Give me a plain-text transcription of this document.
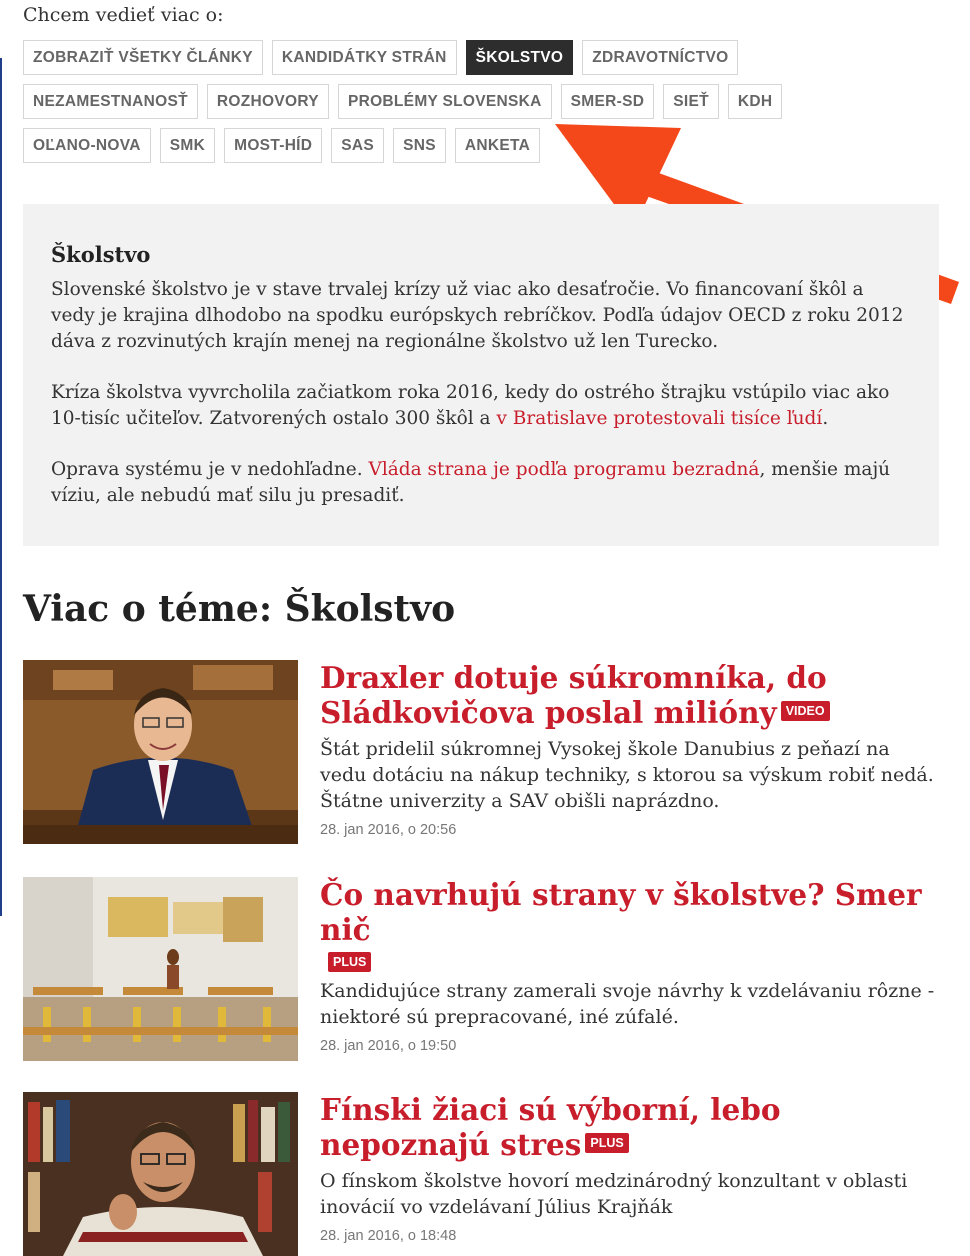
Chcem vedieť viac o:
ZOBRAZIŤ VŠETKY ČLÁNKY	KANDIDÁTKY STRÁN	ŠKOLSTVO	ZDRAVOTNÍCTVO
NEZAMESTNANOSŤ	ROZHOVORY	PROBLÉMY SLOVENSKA	SMER-SD	SIEŤ	KDH
OĽANO-NOVA	SMK	MOST-HÍD	SAS	SNS	ANKETA
Školstvo

Slovenské školstvo je v stave trvalej krízy už viac ako desaťročie. Vo financovaní škôl a vedy je krajina dlhodobo na spodku európskych rebríčkov. Podľa údajov OECD z roku 2012 dáva z rozvinutých krajín menej na regionálne školstvo už len Turecko.

Kríza školstva vyvrcholila začiatkom roka 2016, kedy do ostrého štrajku vstúpilo viac ako 10-tisíc učiteľov. Zatvorených ostalo 300 škôl a v Bratislave protestovali tisíce ľudí.

Oprava systému je v nedohľadne. Vláda strana je podľa programu bezradná, menšie majú víziu, ale nebudú mať silu ju presadiť.

Viac o téme: Školstvo
Draxler dotuje súkromníka, do Sládkovičova poslal milióny VIDEO

Štát pridelil súkromnej Vysokej škole Danubius z peňazí na vedu dotáciu na nákup techniky, s ktorou sa výskum robiť nedá. Štátne univerzity a SAV obišli naprázdno.

28. jan 2016, o 20:56
Čo navrhujú strany v školstve? Smer nič
PLUS

Kandidujúce strany zamerali svoje návrhy k vzdelávaniu rôzne - niektoré sú prepracované, iné zúfalé.

28. jan 2016, o 19:50
Fínski žiaci sú výborní, lebo nepoznajú stres PLUS

O fínskom školstve hovorí medzinárodný konzultant v oblasti inovácií vo vzdelávaní Július Krajňák

28. jan 2016, o 18:48
